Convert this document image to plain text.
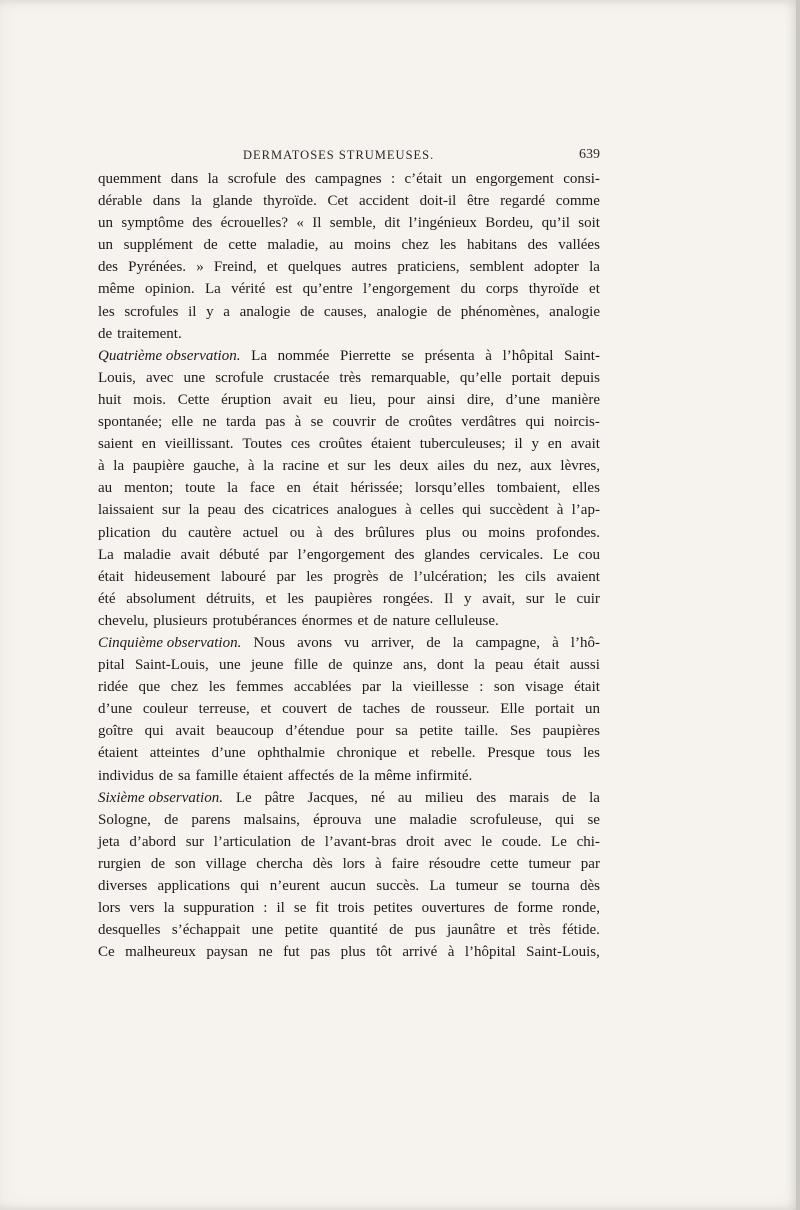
DERMATOSES STRUMEUSES.	639
quemment dans la scrofule des campagnes : c’était un engorgement consi-
dérable dans la glande thyroïde. Cet accident doit-il être regardé comme
un symptôme des écrouelles? « Il semble, dit l’ingénieux Bordeu, qu’il soit
un supplément de cette maladie, au moins chez les habitans des vallées
des Pyrénées. » Freind, et quelques autres praticiens, semblent adopter la
même opinion. La vérité est qu’entre l’engorgement du corps thyroïde et
les scrofules il y a analogie de causes, analogie de phénomènes, analogie
de traitement.
Quatrième observation. La nommée Pierrette se présenta à l’hôpital Saint-
Louis, avec une scrofule crustacée très remarquable, qu’elle portait depuis
huit mois. Cette éruption avait eu lieu, pour ainsi dire, d’une manière
spontanée; elle ne tarda pas à se couvrir de croûtes verdâtres qui noircis-
saient en vieillissant. Toutes ces croûtes étaient tuberculeuses; il y en avait
à la paupière gauche, à la racine et sur les deux ailes du nez, aux lèvres,
au menton; toute la face en était hérissée; lorsqu’elles tombaient, elles
laissaient sur la peau des cicatrices analogues à celles qui succèdent à l’ap-
plication du cautère actuel ou à des brûlures plus ou moins profondes.
La maladie avait débuté par l’engorgement des glandes cervicales. Le cou
était hideusement labouré par les progrès de l’ulcération; les cils avaient
été absolument détruits, et les paupières rongées. Il y avait, sur le cuir
chevelu, plusieurs protubérances énormes et de nature celluleuse.
Cinquième observation. Nous avons vu arriver, de la campagne, à l’hô-
pital Saint-Louis, une jeune fille de quinze ans, dont la peau était aussi
ridée que chez les femmes accablées par la vieillesse : son visage était
d’une couleur terreuse, et couvert de taches de rousseur. Elle portait un
goître qui avait beaucoup d’étendue pour sa petite taille. Ses paupières
étaient atteintes d’une ophthalmie chronique et rebelle. Presque tous les
individus de sa famille étaient affectés de la même infirmité.
Sixième observation. Le pâtre Jacques, né au milieu des marais de la
Sologne, de parens malsains, éprouva une maladie scrofuleuse, qui se
jeta d’abord sur l’articulation de l’avant-bras droit avec le coude. Le chi-
rurgien de son village chercha dès lors à faire résoudre cette tumeur par
diverses applications qui n’eurent aucun succès. La tumeur se tourna dès
lors vers la suppuration : il se fit trois petites ouvertures de forme ronde,
desquelles s’échappait une petite quantité de pus jaunâtre et très fétide.
Ce malheureux paysan ne fut pas plus tôt arrivé à l’hôpital Saint-Louis,
